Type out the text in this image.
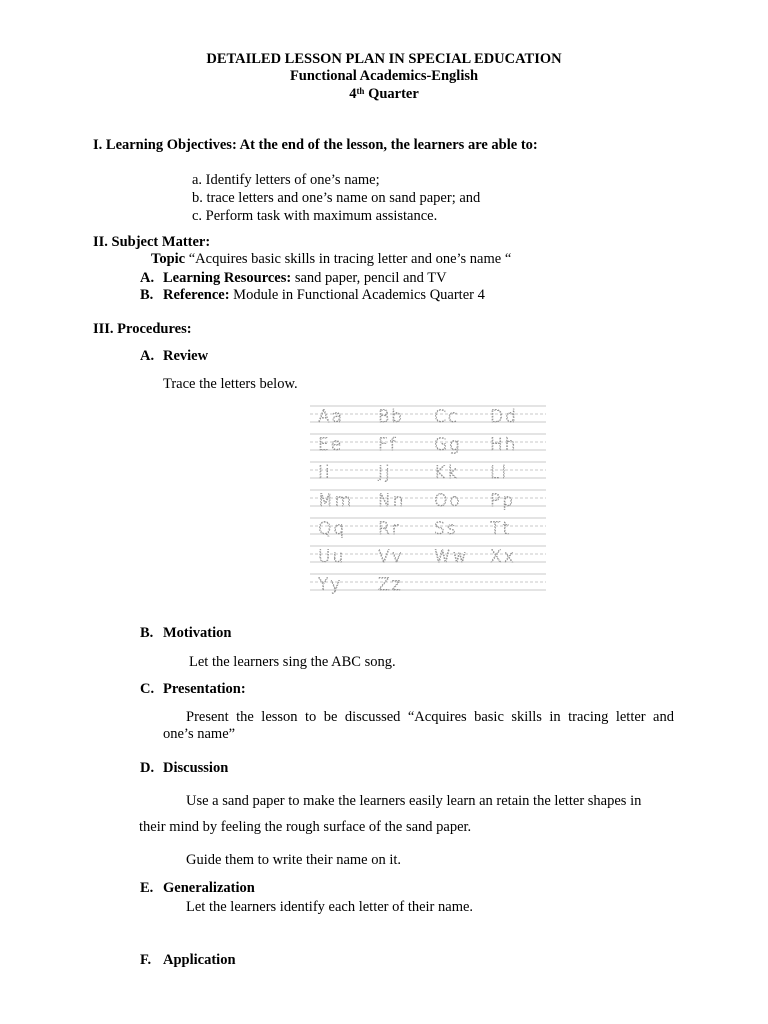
DETAILED LESSON PLAN IN SPECIAL EDUCATION
Functional Academics-English
4th Quarter
I. Learning Objectives: At the end of the lesson, the learners are able to:
a. Identify letters of one’s name;
b. trace letters and one’s name on sand paper; and
c. Perform task with maximum assistance.
II. Subject Matter:
Topic “Acquires basic skills in tracing letter and one’s name “
A. Learning Resources: sand paper, pencil and TV
B. Reference: Module in Functional Academics Quarter 4
III. Procedures:
A. Review
Trace the letters below.
Aa Bb Cc Dd
Ee Ff Gg Hh
Ii	Jj Kk Ll
Mm Nn Oo Pp
Qq Rr Ss Tt
Uu Vv Ww Xx
Yy Zz
B. Motivation
Let the learners sing the ABC song.
C. Presentation:
Present the lesson to be discussed “Acquires basic skills in tracing letter and
one’s name”
D. Discussion
Use a sand paper to make the learners easily learn an retain the letter shapes in
their mind by feeling the rough surface of the sand paper.
Guide them to write their name on it.
E. Generalization
Let the learners identify each letter of their name.
F. Application
